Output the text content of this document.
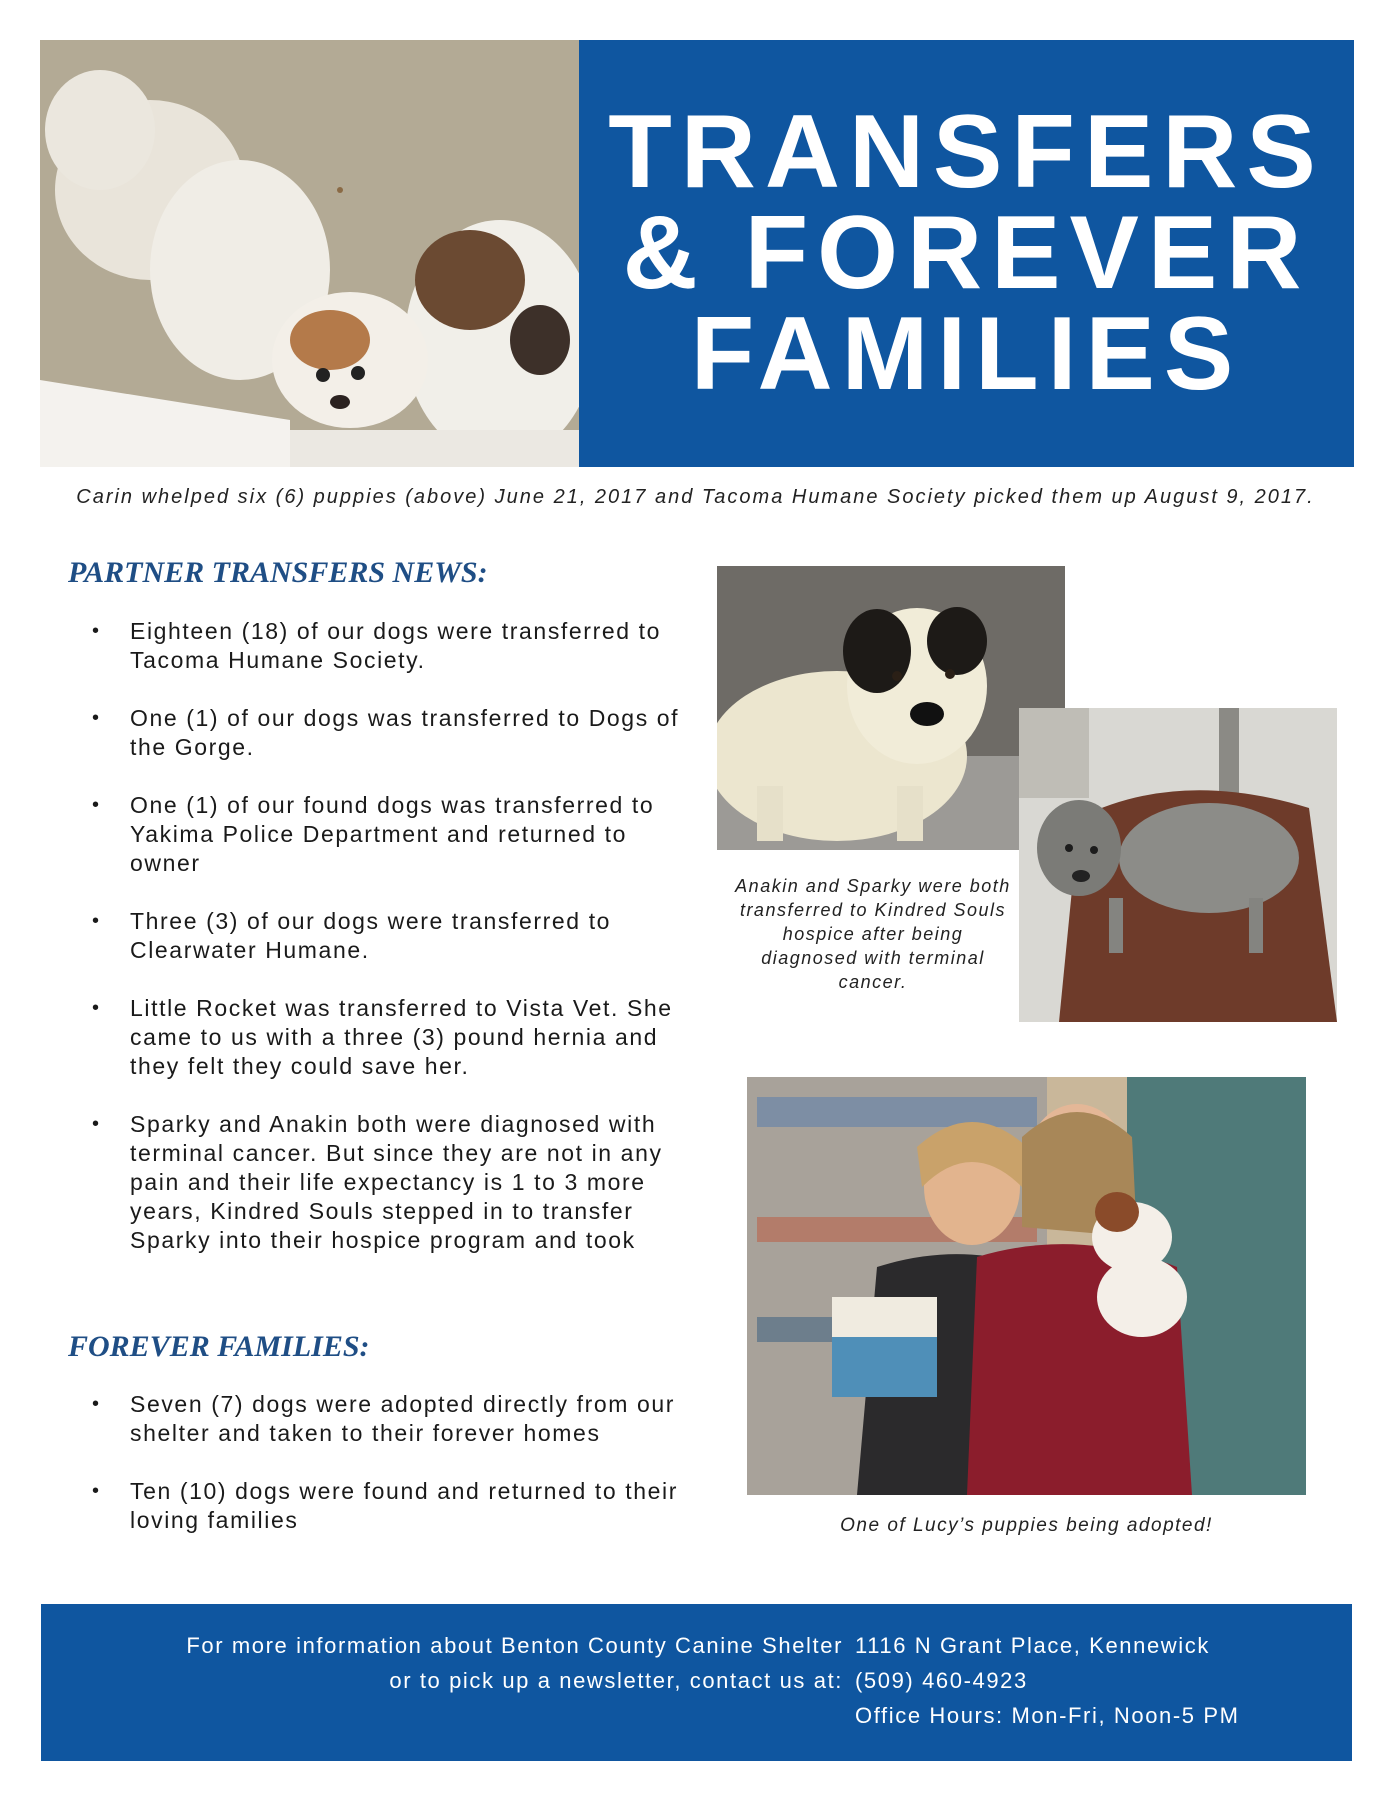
TRANSFERS
& FOREVER
FAMILIES
Carin whelped six (6) puppies (above) June 21, 2017 and Tacoma Humane Society picked them up August 9, 2017.
PARTNER TRANSFERS NEWS:
• Eighteen (18) of our dogs were transferred to Tacoma Humane Society.
• One (1) of our dogs was transferred to Dogs of the Gorge.
• One (1) of our found dogs was transferred to Yakima Police Department and returned to owner
• Three (3) of our dogs were transferred to Clearwater Humane.
• Little Rocket was transferred to Vista Vet. She came to us with a three (3) pound hernia and they felt they could save her.
• Sparky and Anakin both were diagnosed with terminal cancer. But since they are not in any pain and their life expectancy is 1 to 3 more years, Kindred Souls stepped in to transfer Sparky into their hospice program and took
FOREVER FAMILIES:
• Seven (7) dogs were adopted directly from our shelter and taken to their forever homes
• Ten (10) dogs were found and returned to their loving families
Anakin and Sparky were both transferred to Kindred Souls hospice after being diagnosed with terminal cancer.
One of Lucy’s puppies being adopted!
For more information about Benton County Canine Shelter
or to pick up a newsletter, contact us at:
1116 N Grant Place, Kennewick
(509) 460-4923
Office Hours: Mon-Fri, Noon-5 PM
